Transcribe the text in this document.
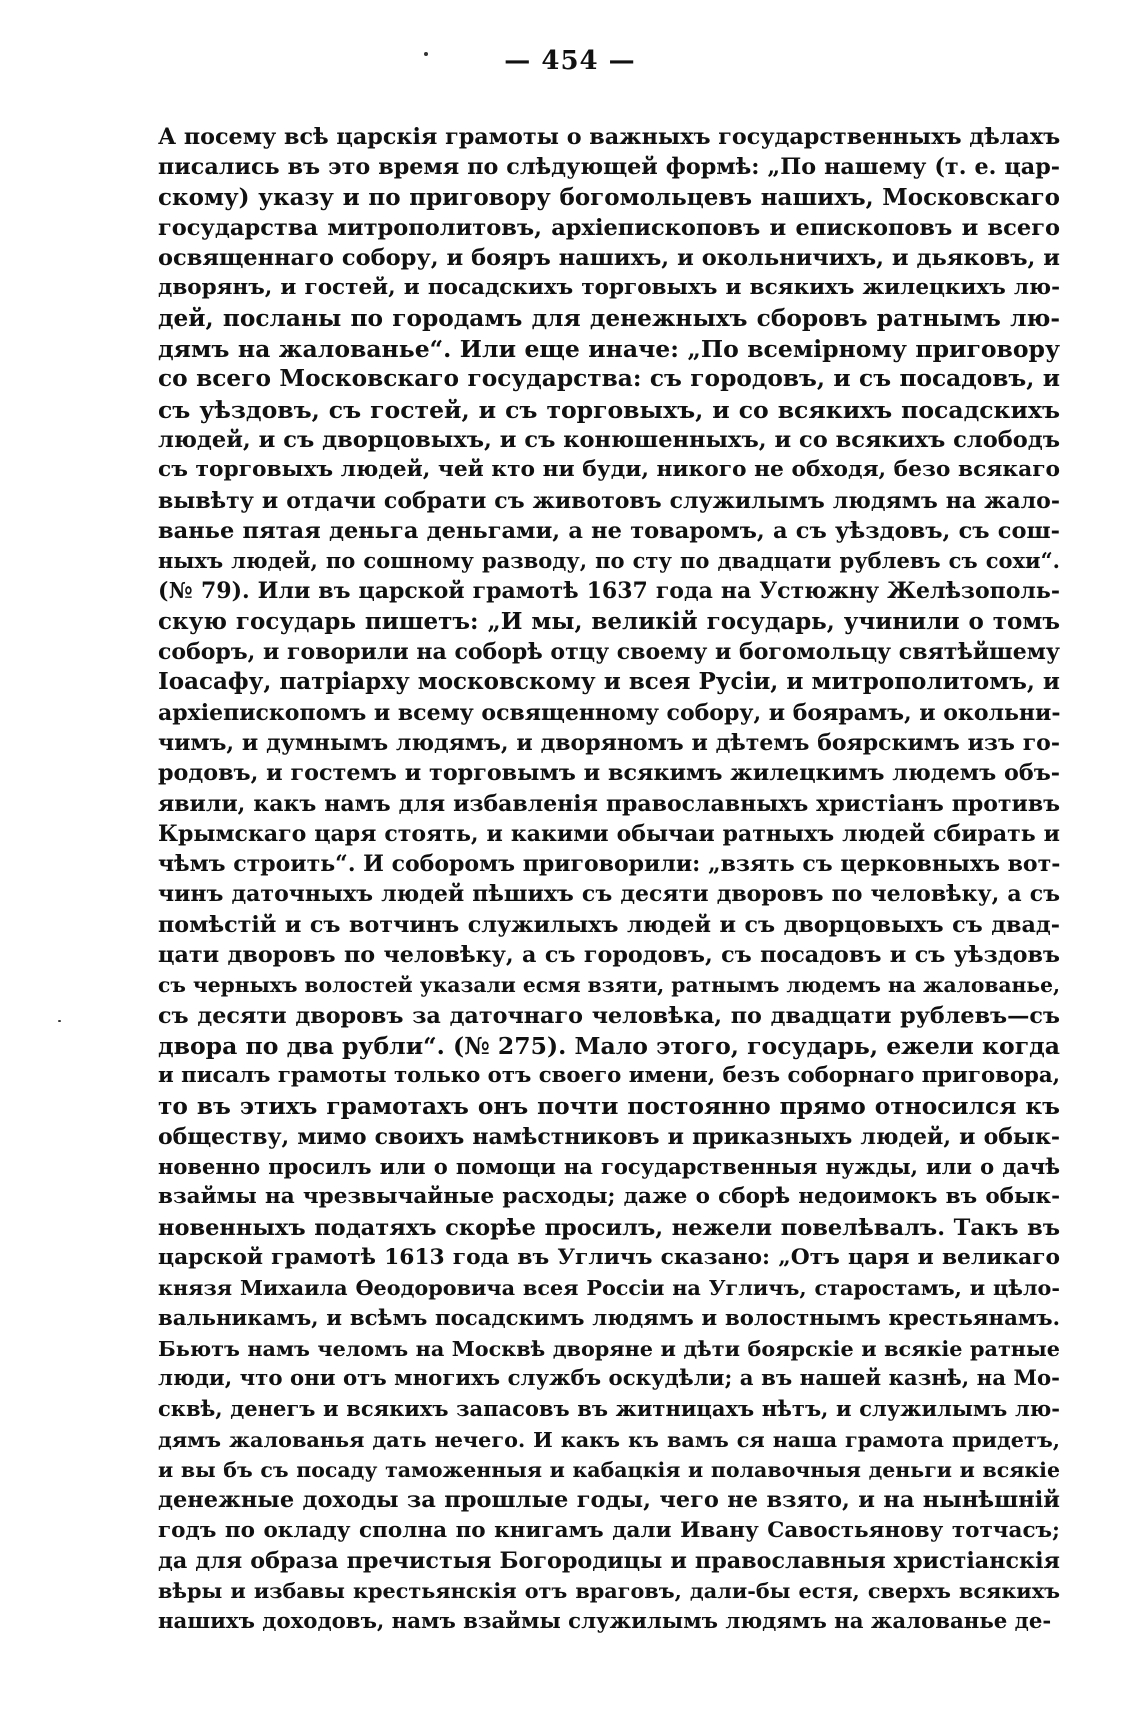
— 454 —
А посему всѣ царскія грамоты о важныхъ государственныхъ дѣлахъ
писались въ это время по слѣдующей формѣ: „По нашему (т. е. цар-
скому) указу и по приговору богомольцевъ нашихъ, Московскаго
государства митрополитовъ, архіепископовъ и епископовъ и всего
освященнаго собору, и бояръ нашихъ, и окольничихъ, и дьяковъ, и
дворянъ, и гостей, и посадскихъ торговыхъ и всякихъ жилецкихъ лю-
дей, посланы по городамъ для денежныхъ сборовъ ратнымъ лю-
дямъ на жалованье“. Или еще иначе: „По всемірному приговору
со всего Московскаго государства: съ городовъ, и съ посадовъ, и
съ уѣздовъ, съ гостей, и съ торговыхъ, и со всякихъ посадскихъ
людей, и съ дворцовыхъ, и съ конюшенныхъ, и со всякихъ слободъ
съ торговыхъ людей, чей кто ни буди, никого не обходя, безо всякаго
вывѣту и отдачи собрати съ животовъ служилымъ людямъ на жало-
ванье пятая деньга деньгами, а не товаромъ, а съ уѣздовъ, съ сош-
ныхъ людей, по сошному разводу, по сту по двадцати рублевъ съ сохи“.
(№ 79). Или въ царской грамотѣ 1637 года на Устюжну Желѣзополь-
скую государь пишетъ: „И мы, великій государь, учинили о томъ
соборъ, и говорили на соборѣ отцу своему и богомольцу святѣйшему
Іоасафу, патріарху московскому и всея Русіи, и митрополитомъ, и
архіепископомъ и всему освященному собору, и боярамъ, и окольни-
чимъ, и думнымъ людямъ, и дворяномъ и дѣтемъ боярскимъ изъ го-
родовъ, и гостемъ и торговымъ и всякимъ жилецкимъ людемъ объ-
явили, какъ намъ для избавленія православныхъ христіанъ противъ
Крымскаго царя стоять, и какими обычаи ратныхъ людей сбирать и
чѣмъ строить“. И соборомъ приговорили: „взять съ церковныхъ вот-
чинъ даточныхъ людей пѣшихъ съ десяти дворовъ по человѣку, а съ
помѣстій и съ вотчинъ служилыхъ людей и съ дворцовыхъ съ двад-
цати дворовъ по человѣку, а съ городовъ, съ посадовъ и съ уѣздовъ
съ черныхъ волостей указали есмя взяти, ратнымъ людемъ на жалованье,
съ десяти дворовъ за даточнаго человѣка, по двадцати рублевъ—съ
двора по два рубли“. (№ 275). Мало этого, государь, ежели когда
и писалъ грамоты только отъ своего имени, безъ соборнаго приговора,
то въ этихъ грамотахъ онъ почти постоянно прямо относился къ
обществу, мимо своихъ намѣстниковъ и приказныхъ людей, и обык-
новенно просилъ или о помощи на государственныя нужды, или о дачѣ
взаймы на чрезвычайные расходы; даже о сборѣ недоимокъ въ обык-
новенныхъ податяхъ скорѣе просилъ, нежели повелѣвалъ. Такъ въ
царской грамотѣ 1613 года въ Угличъ сказано: „Отъ царя и великаго
князя Михаила Ѳеодоровича всея Россіи на Угличъ, старостамъ, и цѣло-
вальникамъ, и всѣмъ посадскимъ людямъ и волостнымъ крестьянамъ.
Бьютъ намъ челомъ на Москвѣ дворяне и дѣти боярскіе и всякіе ратные
люди, что они отъ многихъ службъ оскудѣли; а въ нашей казнѣ, на Мо-
сквѣ, денегъ и всякихъ запасовъ въ житницахъ нѣтъ, и служилымъ лю-
дямъ жалованья дать нечего. И какъ къ вамъ ся наша грамота придетъ,
и вы бъ съ посаду таможенныя и кабацкія и полавочныя деньги и всякіе
денежные доходы за прошлые годы, чего не взято, и на нынѣшній
годъ по окладу сполна по книгамъ дали Ивану Савостьянову тотчасъ;
да для образа пречистыя Богородицы и православныя христіанскія
вѣры и избавы крестьянскія отъ враговъ, дали-бы естя, сверхъ всякихъ
нашихъ доходовъ, намъ взаймы служилымъ людямъ на жалованье де-
